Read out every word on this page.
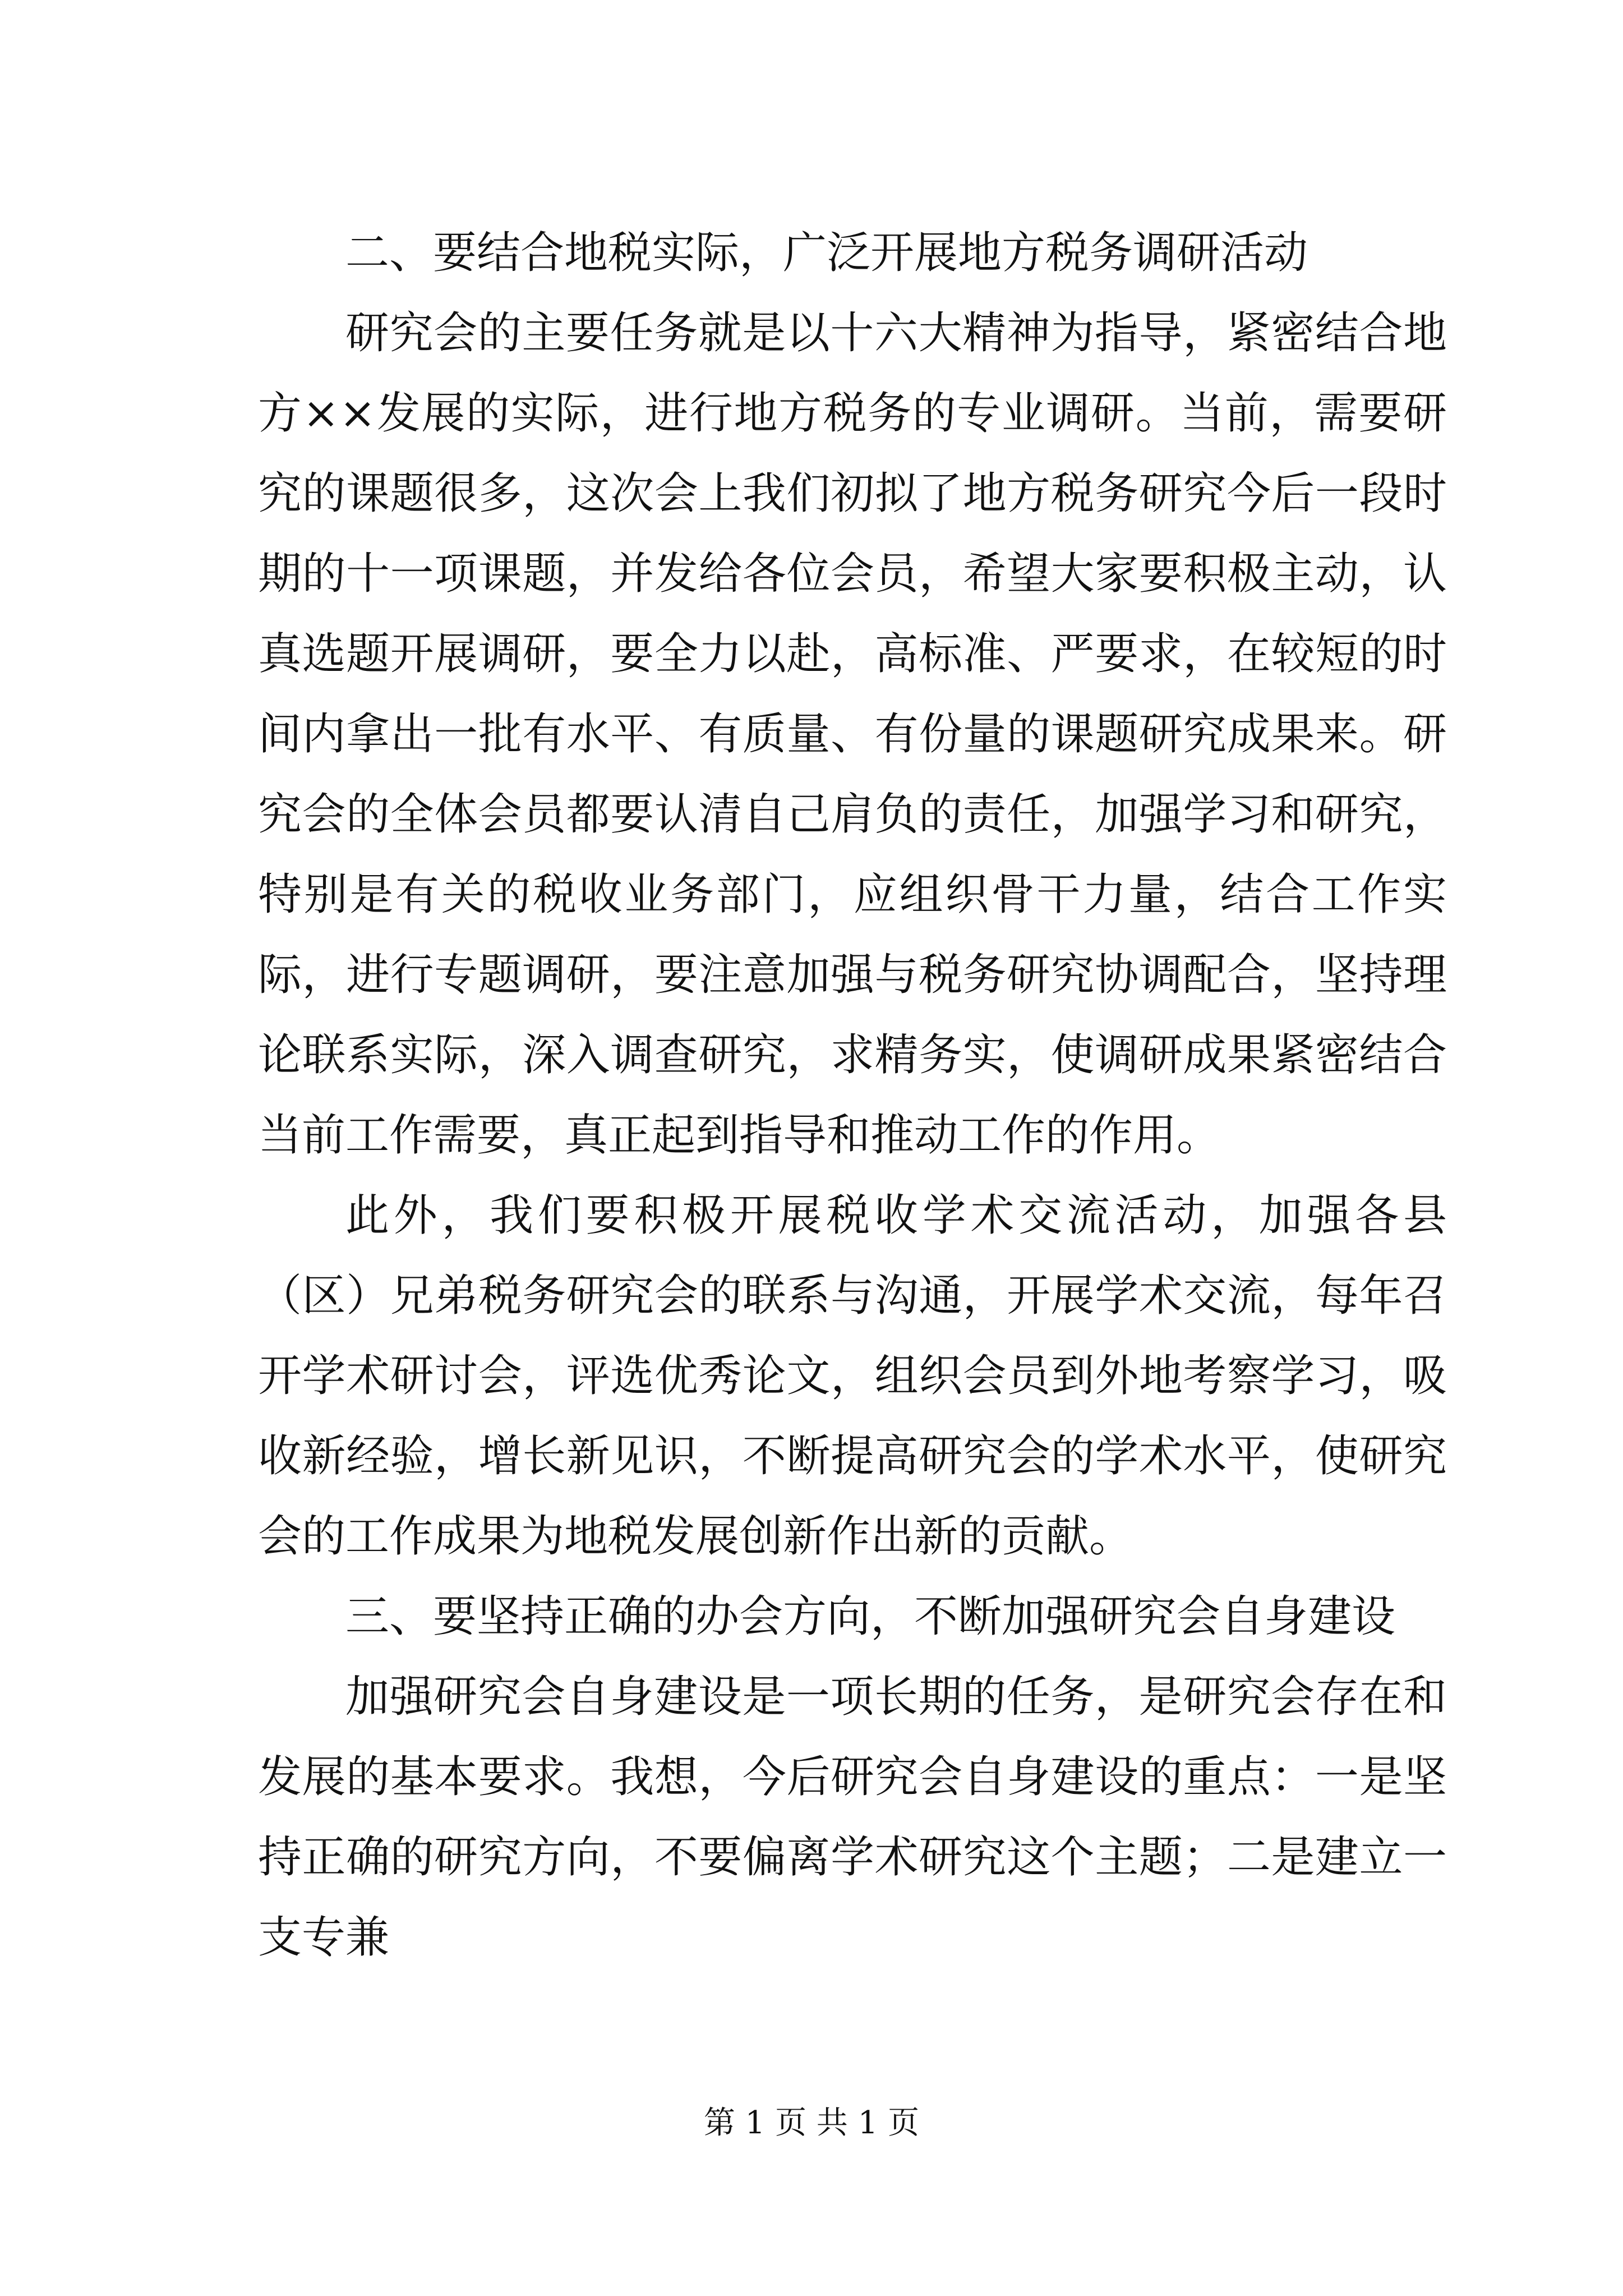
二、要结合地税实际，广泛开展地方税务调研活动

研究会的主要任务就是以十六大精神为指导，紧密结合地方××发展的实际，进行地方税务的专业调研。当前，需要研究的课题很多，这次会上我们初拟了地方税务研究今后一段时期的十一项课题，并发给各位会员，希望大家要积极主动，认真选题开展调研，要全力以赴，高标准、严要求，在较短的时间内拿出一批有水平、有质量、有份量的课题研究成果来。研究会的全体会员都要认清自己肩负的责任，加强学习和研究，特别是有关的税收业务部门，应组织骨干力量，结合工作实际，进行专题调研，要注意加强与税务研究协调配合，坚持理论联系实际，深入调查研究，求精务实，使调研成果紧密结合当前工作需要，真正起到指导和推动工作的作用。

此外，我们要积极开展税收学术交流活动，加强各县（区）兄弟税务研究会的联系与沟通，开展学术交流，每年召开学术研讨会，评选优秀论文，组织会员到外地考察学习，吸收新经验，增长新见识，不断提高研究会的学术水平，使研究会的工作成果为地税发展创新作出新的贡献。

三、要坚持正确的办会方向，不断加强研究会自身建设

加强研究会自身建设是一项长期的任务，是研究会存在和发展的基本要求。我想，今后研究会自身建设的重点：一是坚持正确的研究方向，不要偏离学术研究这个主题；二是建立一支专兼

第 1 页 共 1 页
